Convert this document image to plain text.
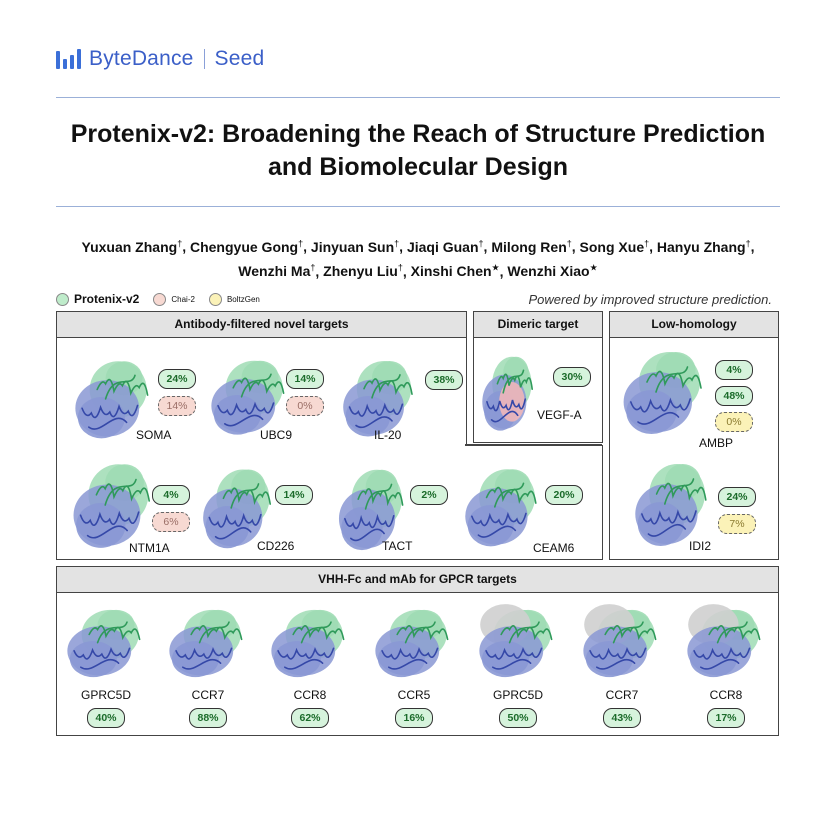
ByteDance Seed
Protenix-v2: Broadening the Reach of Structure Prediction and Biomolecular Design
Yuxuan Zhang†, Chengyue Gong†, Jinyuan Sun†, Jiaqi Guan†, Milong Ren†, Song Xue†, Hanyu Zhang†, Wenzhi Ma†, Zhenyu Liu†, Xinshi Chen★, Wenzhi Xiao★
Protenix-v2	Chai-2	BoltzGen	Powered by improved structure prediction.
Antibody-filtered novel targets	Dimeric target	Low-homology
VHH-Fc and mAb for GPCR targets
SOMA
24%
14%
UBC9
14%
0%
IL-20
38%
NTM1A
4%
6%
CD226
14%
TACT
2%
CEAM6
20%
VEGF-A
30%
AMBP
4%
48%
0%
IDI2
24%
7%
GPRC5D
40%
CCR7
88%
CCR8
62%
CCR5
16%
GPRC5D
50%
CCR7
43%
CCR8
17%
